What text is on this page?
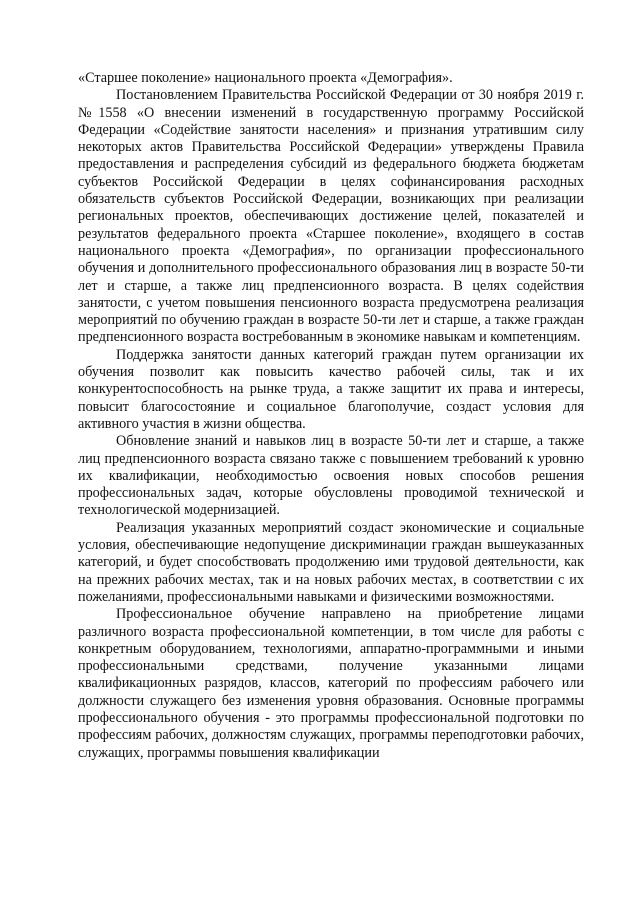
«Старшее поколение» национального проекта «Демография».

Постановлением Правительства Российской Федерации от 30 ноября 2019 г. №1558 «О внесении изменений в государственную программу Российской Федерации «Содействие занятости населения» и признания утратившим силу некоторых актов Правительства Российской Федерации» утверждены Правила предоставления и распределения субсидий из федерального бюджета бюджетам субъектов Российской Федерации в целях софинансирования расходных обязательств субъектов Российской Федерации, возникающих при реализации региональных проектов, обеспечивающих достижение целей, показателей и результатов федерального проекта «Старшее поколение», входящего в состав национального проекта «Демография», по организации профессионального обучения и дополнительного профессионального образования лиц в возрасте 50-ти лет и старше, а также лиц предпенсионного возраста. В целях содействия занятости, с учетом повышения пенсионного возраста предусмотрена реализация мероприятий по обучению граждан в возрасте 50-ти лет и старше, а также граждан предпенсионного возраста востребованным в экономике навыкам и компетенциям.

Поддержка занятости данных категорий граждан путем организации их обучения позволит как повысить качество рабочей силы, так и их конкурентоспособность на рынке труда, а также защитит их права и интересы, повысит благосостояние и социальное благополучие, создаст условия для активного участия в жизни общества.

Обновление знаний и навыков лиц в возрасте 50-ти лет и старше, а также лиц предпенсионного возраста связано также с повышением требований к уровню их квалификации, необходимостью освоения новых способов решения профессиональных задач, которые обусловлены проводимой технической и технологической модернизацией.

Реализация указанных мероприятий создаст экономические и социальные условия, обеспечивающие недопущение дискриминации граждан вышеуказанных категорий, и будет способствовать продолжению ими трудовой деятельности, как на прежних рабочих местах, так и на новых рабочих местах, в соответствии с их пожеланиями, профессиональными навыками и физическими возможностями.

Профессиональное обучение направлено на приобретение лицами различного возраста профессиональной компетенции, в том числе для работы с конкретным оборудованием, технологиями, аппаратно-программными и иными профессиональными средствами, получение указанными лицами квалификационных разрядов, классов, категорий по профессиям рабочего или должности служащего без изменения уровня образования. Основные программы профессионального обучения - это программы профессиональной подготовки по профессиям рабочих, должностям служащих, программы переподготовки рабочих, служащих, программы повышения квалификации
